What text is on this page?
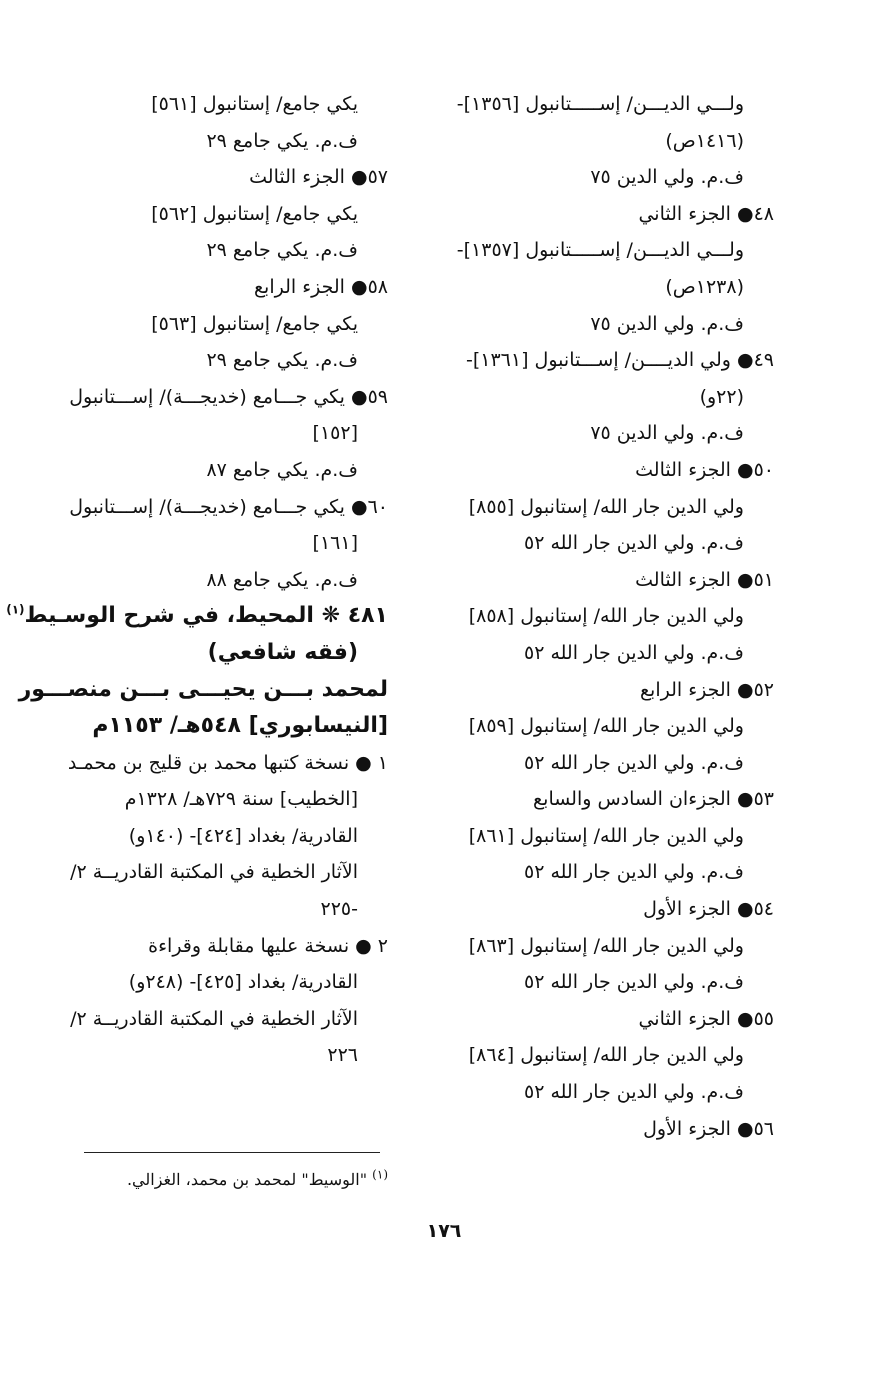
ولـــي الديـــن/ إســـــتانبول [١٣٥٦]-
(١٤١٦ص)
ف.م. ولي الدين ٧٥
٤٨● الجزء الثاني
ولـــي الديـــن/ إســـــتانبول [١٣٥٧]-
(١٢٣٨ص)
ف.م. ولي الدين ٧٥
٤٩● ولي الديــــن/ إســـتانبول [١٣٦١]-
(٢٢و)
ف.م. ولي الدين ٧٥
٥٠● الجزء الثالث
ولي الدين جار الله/ إستانبول [٨٥٥]
ف.م. ولي الدين جار الله ٥٢
٥١● الجزء الثالث
ولي الدين جار الله/ إستانبول [٨٥٨]
ف.م. ولي الدين جار الله ٥٢
٥٢● الجزء الرابع
ولي الدين جار الله/ إستانبول [٨٥٩]
ف.م. ولي الدين جار الله ٥٢
٥٣● الجزءان السادس والسابع
ولي الدين جار الله/ إستانبول [٨٦١]
ف.م. ولي الدين جار الله ٥٢
٥٤● الجزء الأول
ولي الدين جار الله/ إستانبول [٨٦٣]
ف.م. ولي الدين جار الله ٥٢
٥٥● الجزء الثاني
ولي الدين جار الله/ إستانبول [٨٦٤]
ف.م. ولي الدين جار الله ٥٢
٥٦● الجزء الأول
يكي جامع/ إستانبول [٥٦١]
ف.م. يكي جامع ٢٩
٥٧● الجزء الثالث
يكي جامع/ إستانبول [٥٦٢]
ف.م. يكي جامع ٢٩
٥٨● الجزء الرابع
يكي جامع/ إستانبول [٥٦٣]
ف.م. يكي جامع ٢٩
٥٩● يكي جـــامع (خديجـــة)/ إســـتانبول
[١٥٢]
ف.م. يكي جامع ٨٧
٦٠● يكي جـــامع (خديجـــة)/ إســـتانبول
[١٦١]
ف.م. يكي جامع ٨٨
٤٨١ ❋ المحيط، في شرح الوسـيط$^{(١)}$
(فقه شافعي)
لمحمد بـــن يحيـــى بـــن منصـــور
[النيسابوري] ٥٤٨هـ/ ١١٥٣م
١ ● نسخة كتبها محمد بن قليج بن محمـد
[الخطيب] سنة ٧٢٩هـ/ ١٣٢٨م
القادرية/ بغداد [٤٢٤]- (١٤٠و)
الآثار الخطية في المكتبة القادريــة ٢/
-٢٢٥
٢ ● نسخة عليها مقابلة وقراءة
القادرية/ بغداد [٤٢٥]- (٢٤٨و)
الآثار الخطية في المكتبة القادريــة ٢/
٢٢٦
$^{(١)}$ "الوسيط" لمحمد بن محمد، الغزالي.
١٧٦
